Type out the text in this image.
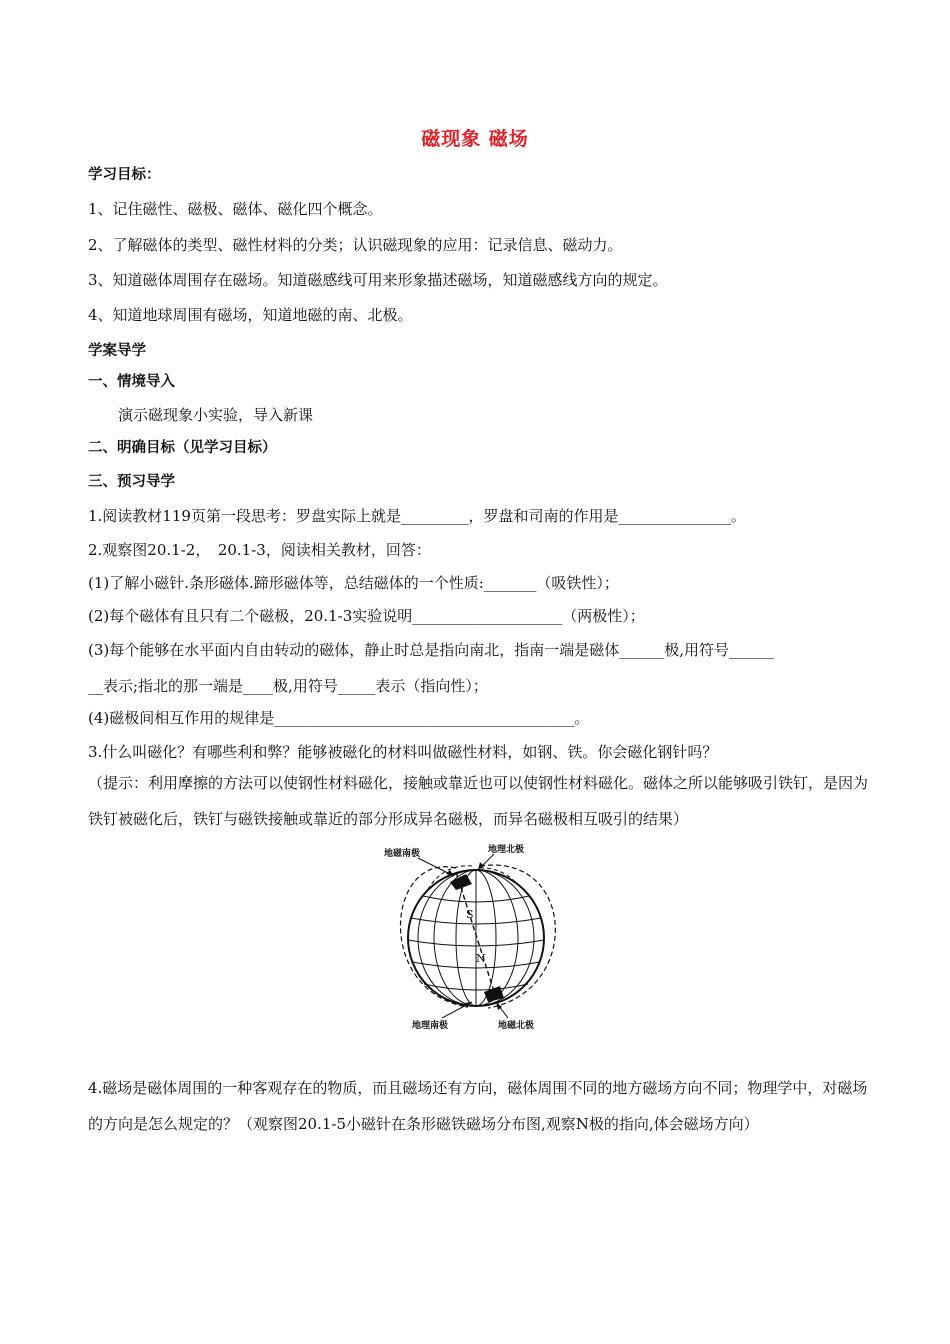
磁现象 磁场
学习目标：
1、记住磁性、磁极、磁体、磁化四个概念。
2、了解磁体的类型、磁性材料的分类；认识磁现象的应用：记录信息、磁动力。
3、知道磁体周围存在磁场。知道磁感线可用来形象描述磁场，知道磁感线方向的规定。
4、知道地球周围有磁场，知道地磁的南、北极。
学案导学
一、情境导入
演示磁现象小实验，导入新课
二、明确目标（见学习目标）
三、预习导学
1.阅读教材119页第一段思考：罗盘实际上就是_________，罗盘和司南的作用是_______________。
2.观察图20.1-2，　20.1-3，阅读相关教材，回答：
(1)了解小磁针.条形磁体.蹄形磁体等，总结磁体的一个性质:_______（吸铁性）；
(2)每个磁体有且只有二个磁极，20.1-3实验说明____________________（两极性）；
(3)每个能够在水平面内自由转动的磁体，静止时总是指向南北，指南一端是磁体______极,用符号______
__表示;指北的那一端是____极,用符号_____表示（指向性）；
(4)磁极间相互作用的规律是________________________________________。
3.什么叫磁化？有哪些利和弊？能够被磁化的材料叫做磁性材料，如钢、铁。你会磁化钢针吗？
（提示：利用摩擦的方法可以使钢性材料磁化，接触或靠近也可以使钢性材料磁化。磁体之所以能够吸引铁钉，是因为铁钉被磁化后，铁钉与磁铁接触或靠近的部分形成异名磁极，而异名磁极相互吸引的结果）
地磁南极	地理北极
地理南极	地磁北极
S
N
4.磁场是磁体周围的一种客观存在的物质，而且磁场还有方向，磁体周围不同的地方磁场方向不同；物理学中，对磁场的方向是怎么规定的？（观察图20.1-5小磁针在条形磁铁磁场分布图,观察N极的指向,体会磁场方向）
